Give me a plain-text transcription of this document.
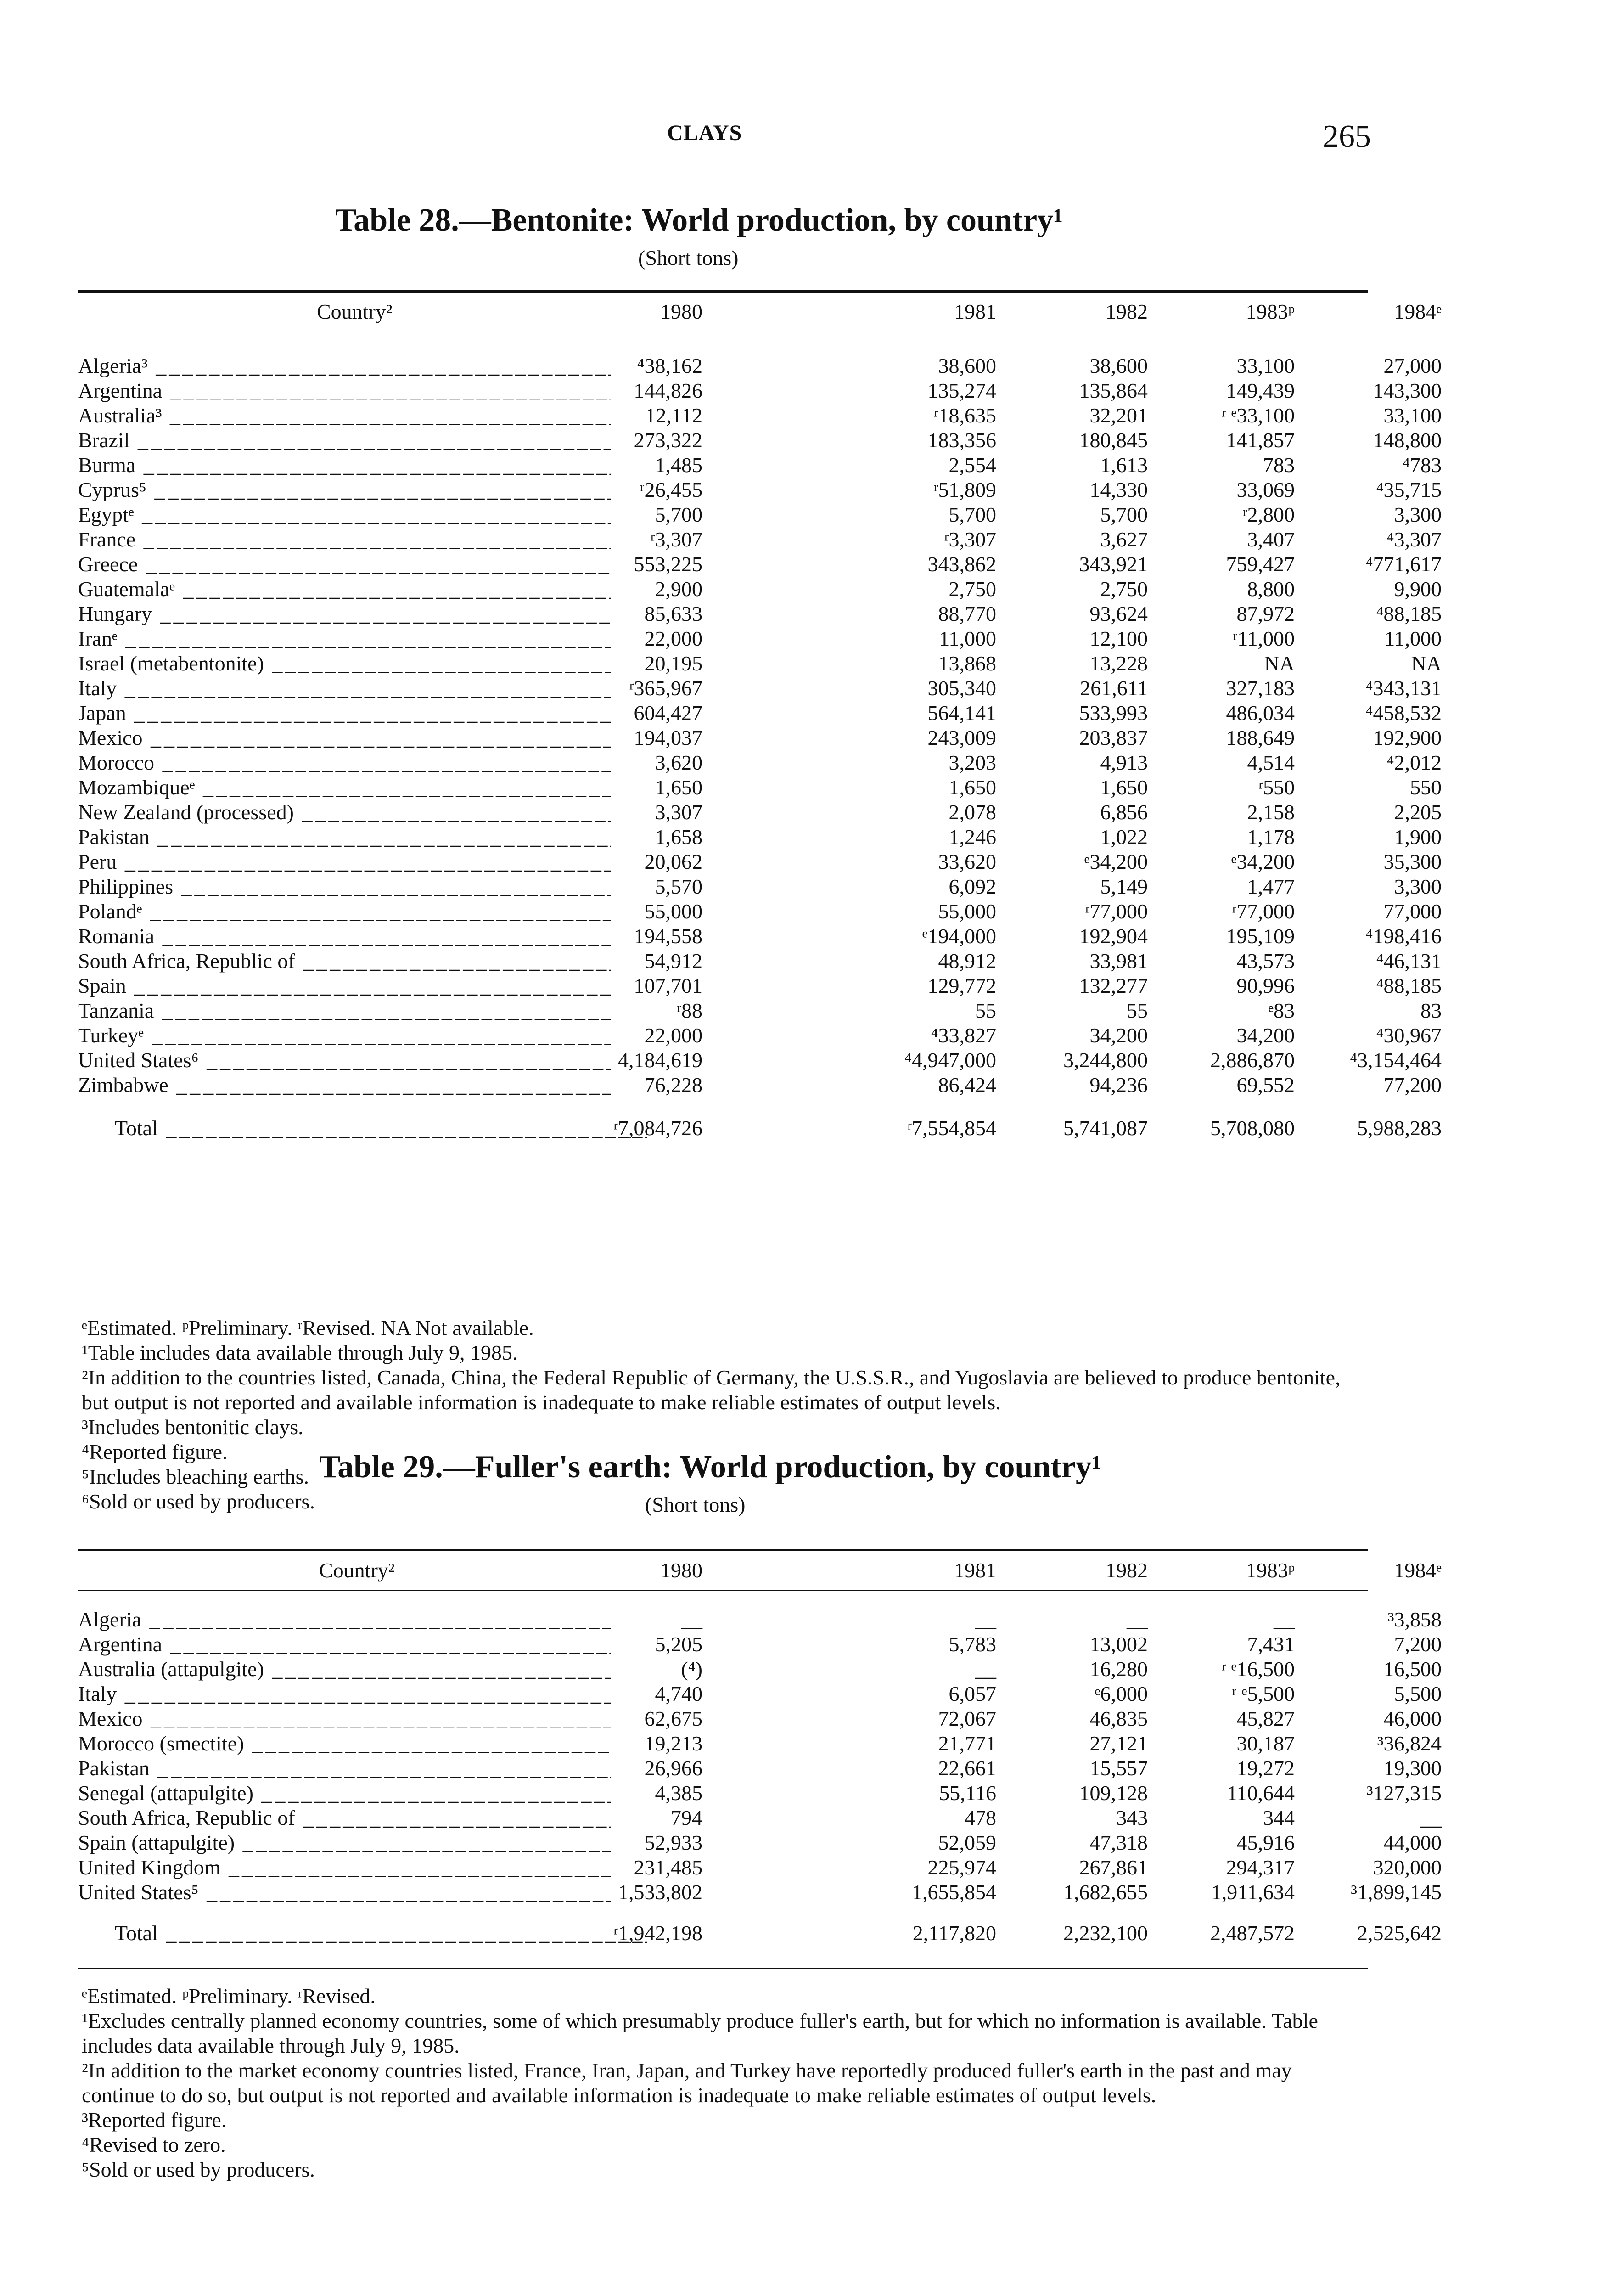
CLAYS	265
Table 28.—Bentonite: World production, by country¹
(Short tons)
Country²	1980	1981	1982	1983ᵖ	1984ᵉ
Algeria³ _____	⁴38,162	38,600	38,600	33,100	27,000
Argentina _____	144,826	135,274	135,864	149,439	143,300
Australia³ _____	12,112	ʳ18,635	32,201	ʳ ᵉ33,100	33,100
Brazil _____	273,322	183,356	180,845	141,857	148,800
Burma _____	1,485	2,554	1,613	783	⁴783
Cyprus⁵ _____	ʳ26,455	ʳ51,809	14,330	33,069	⁴35,715
Egyptᵉ _____	5,700	5,700	5,700	ʳ2,800	3,300
France _____	ʳ3,307	ʳ3,307	3,627	3,407	⁴3,307
Greece _____	553,225	343,862	343,921	759,427	⁴771,617
Guatemalaᵉ _____	2,900	2,750	2,750	8,800	9,900
Hungary _____	85,633	88,770	93,624	87,972	⁴88,185
Iranᵉ _____	22,000	11,000	12,100	ʳ11,000	11,000
Israel (metabentonite) _____	20,195	13,868	13,228	NA	NA
Italy _____	ʳ365,967	305,340	261,611	327,183	⁴343,131
Japan _____	604,427	564,141	533,993	486,034	⁴458,532
Mexico _____	194,037	243,009	203,837	188,649	192,900
Morocco _____	3,620	3,203	4,913	4,514	⁴2,012
Mozambiqueᵉ _____	1,650	1,650	1,650	ʳ550	550
New Zealand (processed) _____	3,307	2,078	6,856	2,158	2,205
Pakistan _____	1,658	1,246	1,022	1,178	1,900
Peru _____	20,062	33,620	ᵉ34,200	ᵉ34,200	35,300
Philippines _____	5,570	6,092	5,149	1,477	3,300
Polandᵉ _____	55,000	55,000	ʳ77,000	ʳ77,000	77,000
Romania _____	194,558	ᵉ194,000	192,904	195,109	⁴198,416
South Africa, Republic of _____	54,912	48,912	33,981	43,573	⁴46,131
Spain _____	107,701	129,772	132,277	90,996	⁴88,185
Tanzania _____	ʳ88	55	55	ᵉ83	83
Turkeyᵉ _____	22,000	⁴33,827	34,200	34,200	⁴30,967
United States⁶ _____	4,184,619	⁴4,947,000	3,244,800	2,886,870	⁴3,154,464
Zimbabwe _____	76,228	86,424	94,236	69,552	77,200
Total _____	ʳ7,084,726	ʳ7,554,854	5,741,087	5,708,080	5,988,283

ᵉEstimated. ᵖPreliminary. ʳRevised. NA Not available.

¹Table includes data available through July 9, 1985.

²In addition to the countries listed, Canada, China, the Federal Republic of Germany, the U.S.S.R., and Yugoslavia are believed to produce bentonite, but output is not reported and available information is inadequate to make reliable estimates of output levels.

³Includes bentonitic clays.

⁴Reported figure.

⁵Includes bleaching earths.

⁶Sold or used by producers.

Table 29.—Fuller's earth: World production, by country¹
(Short tons)
Country²	1980	1981	1982	1983ᵖ	1984ᵉ
Algeria _____	__	__	__	__	³3,858
Argentina _____	5,205	5,783	13,002	7,431	7,200
Australia (attapulgite) _____	(⁴)	__	16,280	ʳ ᵉ16,500	16,500
Italy _____	4,740	6,057	ᵉ6,000	ʳ ᵉ5,500	5,500
Mexico _____	62,675	72,067	46,835	45,827	46,000
Morocco (smectite) _____	19,213	21,771	27,121	30,187	³36,824
Pakistan _____	26,966	22,661	15,557	19,272	19,300
Senegal (attapulgite) _____	4,385	55,116	109,128	110,644	³127,315
South Africa, Republic of _____	794	478	343	344	__
Spain (attapulgite) _____	52,933	52,059	47,318	45,916	44,000
United Kingdom _____	231,485	225,974	267,861	294,317	320,000
United States⁵ _____	1,533,802	1,655,854	1,682,655	1,911,634	³1,899,145
Total _____	ʳ1,942,198	2,117,820	2,232,100	2,487,572	2,525,642

ᵉEstimated. ᵖPreliminary. ʳRevised.

¹Excludes centrally planned economy countries, some of which presumably produce fuller's earth, but for which no information is available. Table includes data available through July 9, 1985.

²In addition to the market economy countries listed, France, Iran, Japan, and Turkey have reportedly produced fuller's earth in the past and may continue to do so, but output is not reported and available information is inadequate to make reliable estimates of output levels.

³Reported figure.

⁴Revised to zero.

⁵Sold or used by producers.
